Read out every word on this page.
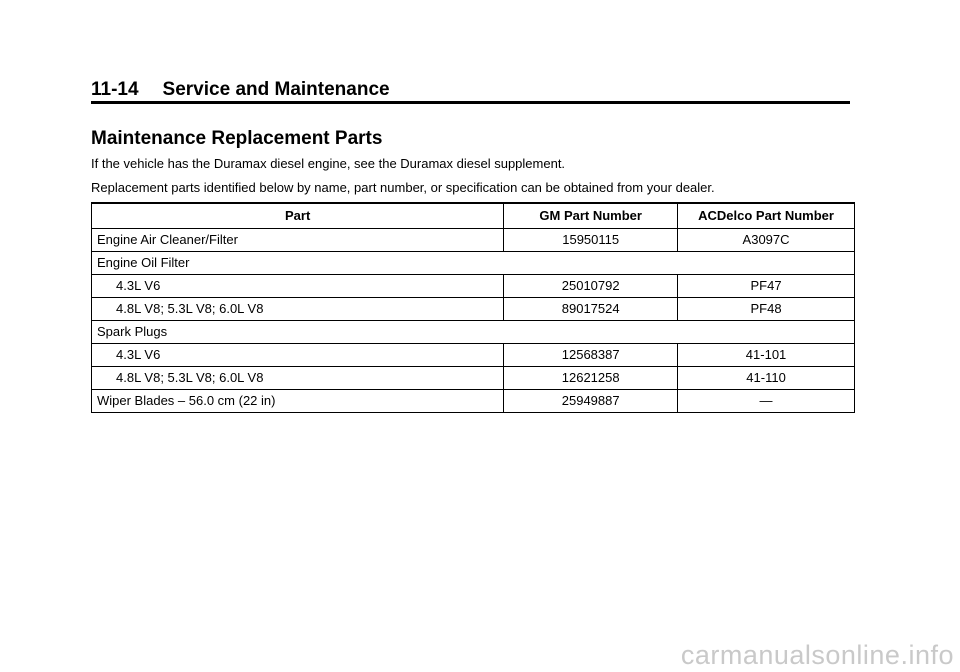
11-14 Service and Maintenance
Maintenance Replacement Parts

If the vehicle has the Duramax diesel engine, see the Duramax diesel supplement.

Replacement parts identified below by name, part number, or specification can be obtained from your dealer.

Part	GM Part Number	ACDelco Part Number
Engine Air Cleaner/Filter	15950115	A3097C
Engine Oil Filter		
4.3L V6	25010792	PF47
4.8L V8; 5.3L V8; 6.0L V8	89017524	PF48
Spark Plugs		
4.3L V6	12568387	41-101
4.8L V8; 5.3L V8; 6.0L V8	12621258	41-110
Wiper Blades – 56.0 cm (22 in)	25949887	—
carmanualsonline.info
